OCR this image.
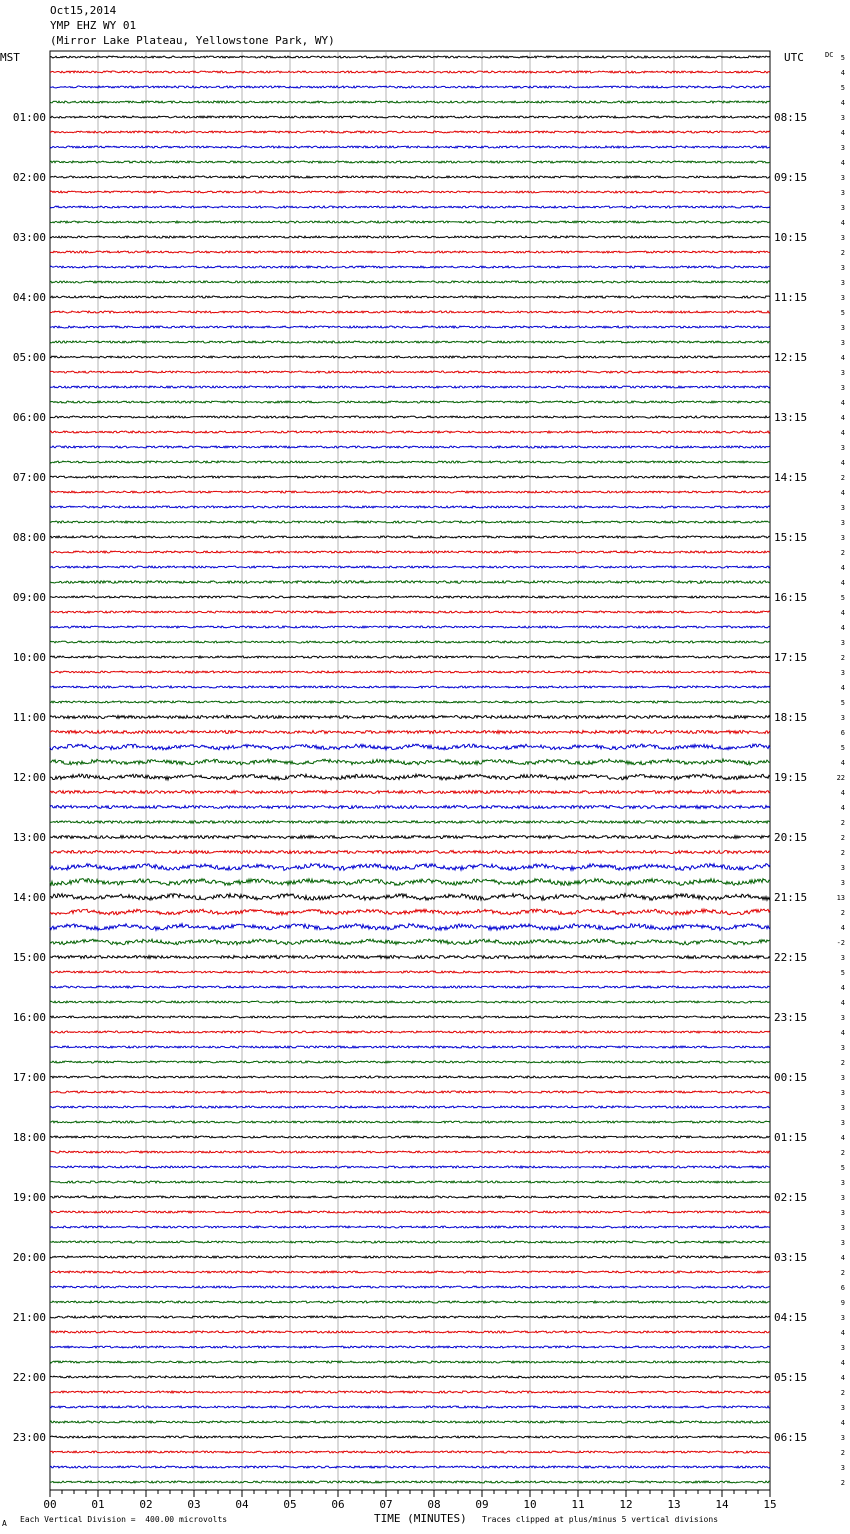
Oct15,2014
YMP EHZ WY 01
(Mirror Lake Plateau, Yellowstone Park, WY)
MST	UTC	DC
01:00
02:00
03:00
04:00
05:00
06:00
07:00
08:00
09:00
10:00
11:00
12:00
13:00
14:00
15:00
16:00
17:00
18:00
19:00
20:00
21:00
22:00
23:00
08:15
09:15
10:15
11:15
12:15
13:15
14:15
15:15
16:15
17:15
18:15
19:15
20:15
21:15
22:15
23:15
00:15
01:15
02:15
03:15
04:15
05:15
06:15
5
4
5
4
3
4
3
4
3
3
3
4
3
2
3
3
3
5
3
3
4
3
3
4
4
4
3
4
2
4
3
3
3
2
4
4
5
4
4
3
2
3
4
5
3
6
5
4
22
4
4
2
2
2
3
3
13
2
4
-2
3
5
4
4
3
4
3
2
3
3
3
3
4
2
5
3
3
3
3
3
4
2
6
9
3
4
3
4
4
2
3
4
3
2
3
2
00	01	02	03	04	05	06	07	08	09	10	11	12	13	14	15
A Each Vertical Division =  400.00 microvolts	TIME (MINUTES) Traces clipped at plus/minus 5 vertical divisions
